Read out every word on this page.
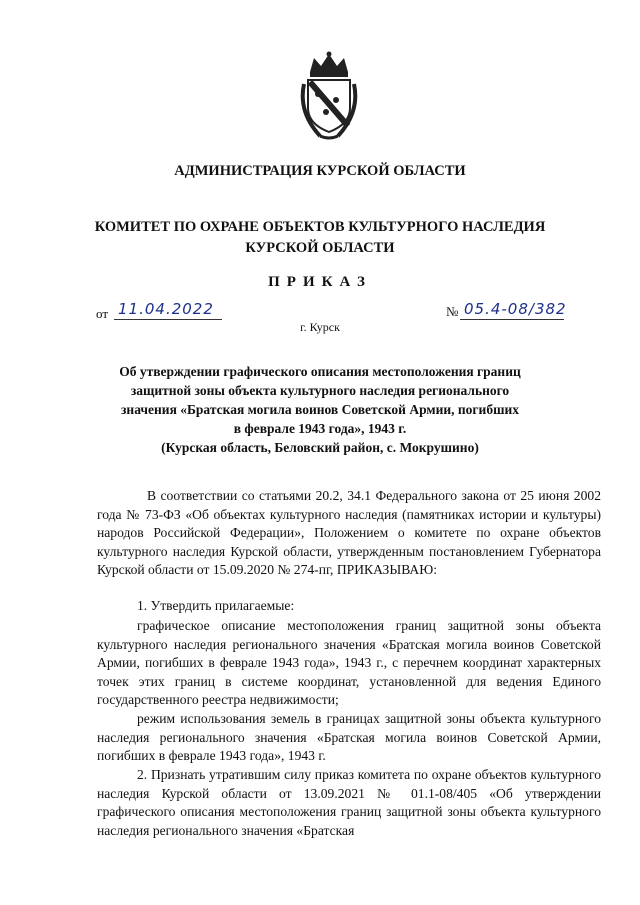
АДМИНИСТРАЦИЯ КУРСКОЙ ОБЛАСТИ
КОМИТЕТ ПО ОХРАНЕ ОБЪЕКТОВ КУЛЬТУРНОГО НАСЛЕДИЯ
КУРСКОЙ ОБЛАСТИ
ПРИКАЗ
от 11.04.2022	№ 05.4-08/382
г. Курск
Об утверждении графического описания местоположения границ
защитной зоны объекта культурного наследия регионального
значения «Братская могила воинов Советской Армии, погибших
в феврале 1943 года», 1943 г.
(Курская область, Беловский район, с. Мокрушино)
В соответствии со статьями 20.2, 34.1 Федерального закона от 25 июня 2002 года № 73-ФЗ «Об объектах культурного наследия (памятниках истории и культуры) народов Российской Федерации», Положением о комитете по охране объектов культурного наследия Курской области, утвержденным постановлением Губернатора Курской области от 15.09.2020 № 274-пг, ПРИКАЗЫВАЮ:
1. Утвердить прилагаемые:
графическое описание местоположения границ защитной зоны объекта культурного наследия регионального значения «Братская могила воинов Советской Армии, погибших в феврале 1943 года», 1943 г., с перечнем координат характерных точек этих границ в системе координат, установленной для ведения Единого государственного реестра недвижимости;
режим использования земель в границах защитной зоны объекта культурного наследия регионального значения «Братская могила воинов Советской Армии, погибших в феврале 1943 года», 1943 г.
2. Признать утратившим силу приказ комитета по охране объектов культурного наследия Курской области от 13.09.2021 № 01.1-08/405 «Об утверждении графического описания местоположения границ защитной зоны объекта культурного наследия регионального значения «Братская
